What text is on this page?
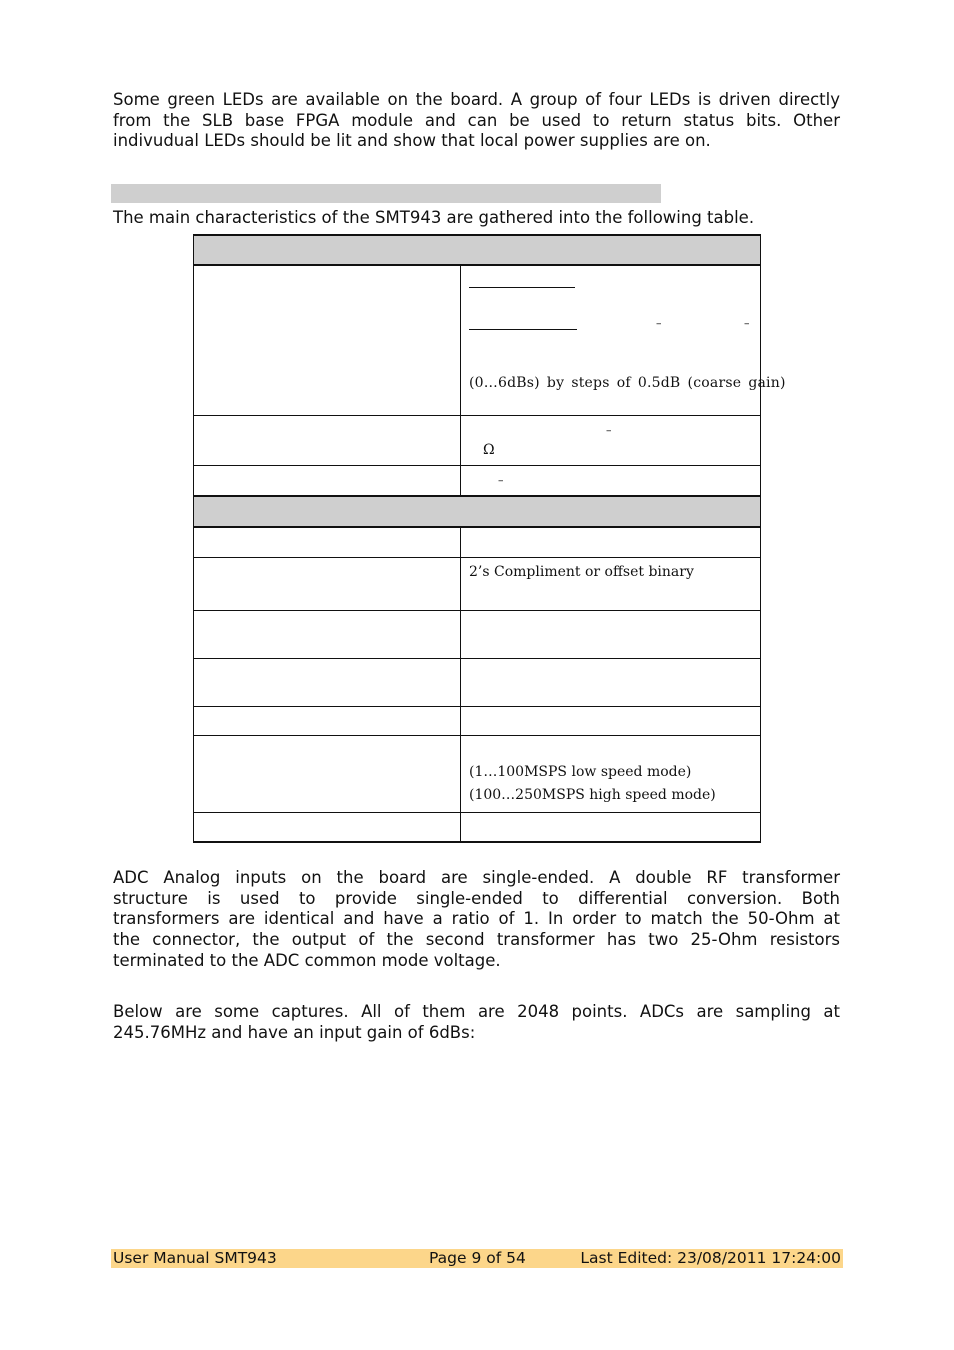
Some green LEDs are available on the board. A group of four LEDs is driven directly
from the SLB base FPGA module and can be used to return status bits. Other
indivudual LEDs should be lit and show that local power supplies are on.
The main characteristics of the SMT943 are gathered into the following table.

	– –
(0…6dBs) by steps of 0.5dB (coarse gain)

	–
Ω

	–

	2’s Compliment or offset binary

	(1…100MSPS low speed mode)
(100…250MSPS high speed mode)

ADC Analog inputs on the board are single-ended. A double RF transformer
structure is used to provide single-ended to differential conversion. Both
transformers are identical and have a ratio of 1. In order to match the 50-Ohm at
the connector, the output of the second transformer has two 25-Ohm resistors
terminated to the ADC common mode voltage.
Below are some captures. All of them are 2048 points. ADCs are sampling at
245.76MHz and have an input gain of 6dBs:
User Manual SMT943	Page 9 of 54	Last Edited: 23/08/2011 17:24:00
